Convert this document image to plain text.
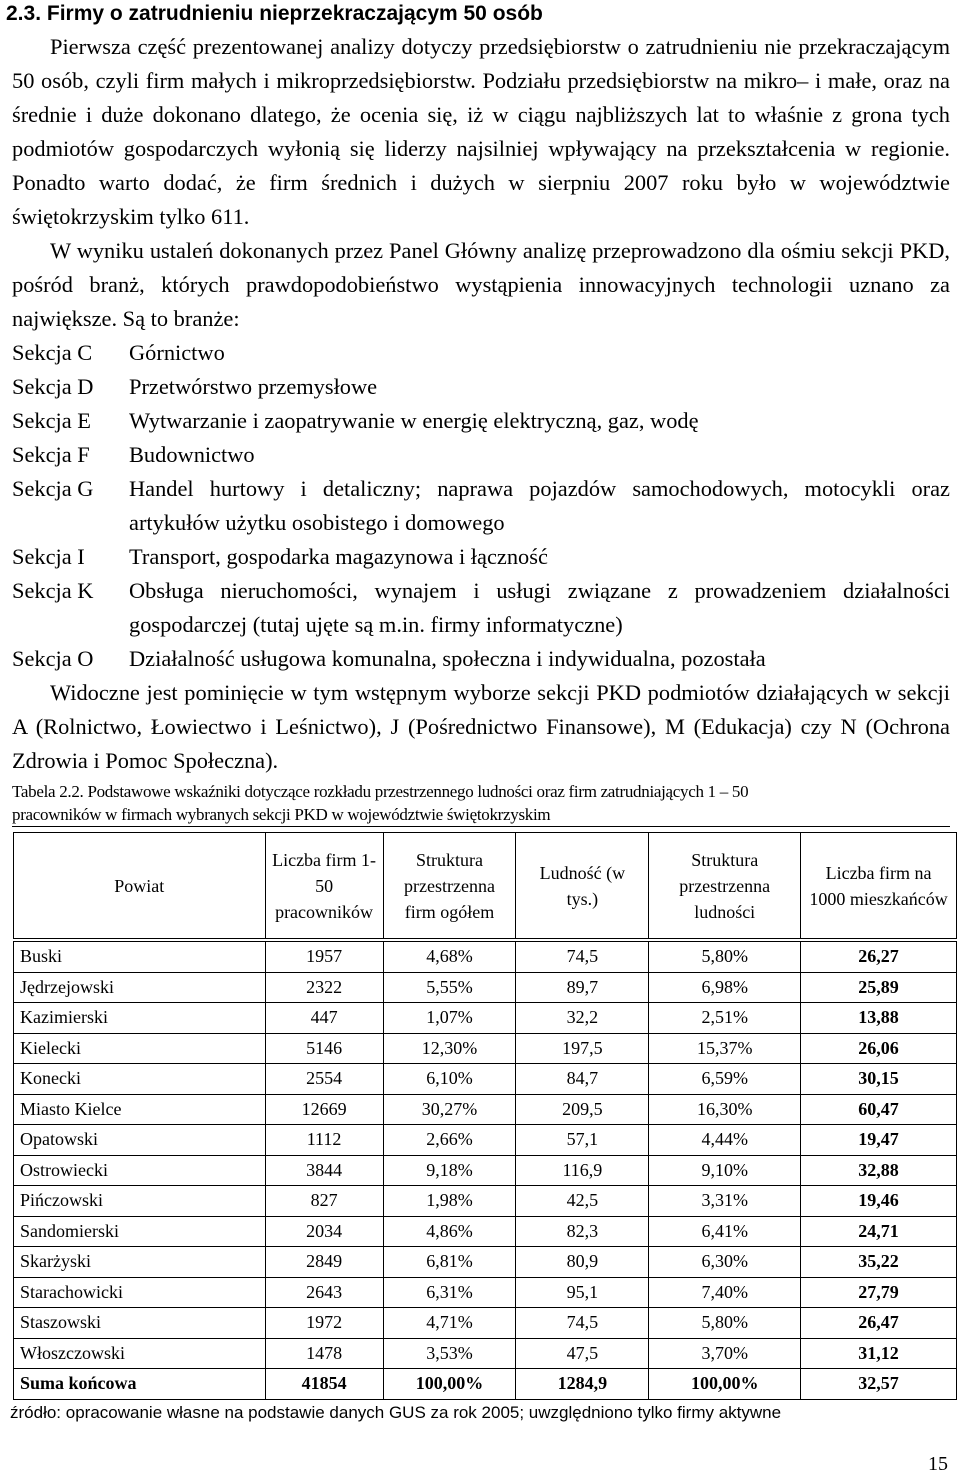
2.3. Firmy o zatrudnieniu nieprzekraczającym 50 osób

Pierwsza część prezentowanej analizy dotyczy przedsiębiorstw o zatrudnieniu nie przekraczającym 50 osób, czyli firm małych i mikroprzedsiębiorstw. Podziału przedsiębiorstw na mikro– i małe, oraz na średnie i duże dokonano dlatego, że ocenia się, iż w ciągu najbliższych lat to właśnie z grona tych podmiotów gospodarczych wyłonią się liderzy najsilniej wpływający na przekształcenia w regionie. Ponadto warto dodać, że firm średnich i dużych w sierpniu 2007 roku było w województwie świętokrzyskim tylko 611.

W wyniku ustaleń dokonanych przez Panel Główny analizę przeprowadzono dla ośmiu sekcji PKD, pośród branż, których prawdopodobieństwo wystąpienia innowacyjnych technologii uznano za największe. Są to branże:

Sekcja C	Górnictwo
Sekcja D	Przetwórstwo przemysłowe
Sekcja E	Wytwarzanie i zaopatrywanie w energię elektryczną, gaz, wodę
Sekcja F	Budownictwo
Sekcja G	Handel hurtowy i detaliczny; naprawa pojazdów samochodowych, motocykli oraz artykułów użytku osobistego i domowego
Sekcja I	Transport, gospodarka magazynowa i łączność
Sekcja K	Obsługa nieruchomości, wynajem i usługi związane z prowadzeniem działalności gospodarczej (tutaj ujęte są m.in. firmy informatyczne)
Sekcja O	Działalność usługowa komunalna, społeczna i indywidualna, pozostała

Widoczne jest pominięcie w tym wstępnym wyborze sekcji PKD podmiotów działających w sekcji A (Rolnictwo, Łowiectwo i Leśnictwo), J (Pośrednictwo Finansowe), M (Edukacja) czy N (Ochrona Zdrowia i Pomoc Społeczna).

Tabela 2.2. Podstawowe wskaźniki dotyczące rozkładu przestrzennego ludności oraz firm zatrudniających 1 – 50
pracowników w firmach wybranych sekcji PKD w województwie świętokrzyskim
Powiat	Liczba firm 1-50 pracowników	Struktura przestrzenna firm ogółem	Ludność (w tys.)	Struktura przestrzenna ludności	Liczba firm na 1000 mieszkańców
Buski	1957	4,68%	74,5	5,80%	26,27
Jędrzejowski	2322	5,55%	89,7	6,98%	25,89
Kazimierski	447	1,07%	32,2	2,51%	13,88
Kielecki	5146	12,30%	197,5	15,37%	26,06
Konecki	2554	6,10%	84,7	6,59%	30,15
Miasto Kielce	12669	30,27%	209,5	16,30%	60,47
Opatowski	1112	2,66%	57,1	4,44%	19,47
Ostrowiecki	3844	9,18%	116,9	9,10%	32,88
Pińczowski	827	1,98%	42,5	3,31%	19,46
Sandomierski	2034	4,86%	82,3	6,41%	24,71
Skarżyski	2849	6,81%	80,9	6,30%	35,22
Starachowicki	2643	6,31%	95,1	7,40%	27,79
Staszowski	1972	4,71%	74,5	5,80%	26,47
Włoszczowski	1478	3,53%	47,5	3,70%	31,12
Suma końcowa	41854	100,00%	1284,9	100,00%	32,57
źródło: opracowanie własne na podstawie danych GUS za rok 2005; uwzględniono tylko firmy aktywne
15
